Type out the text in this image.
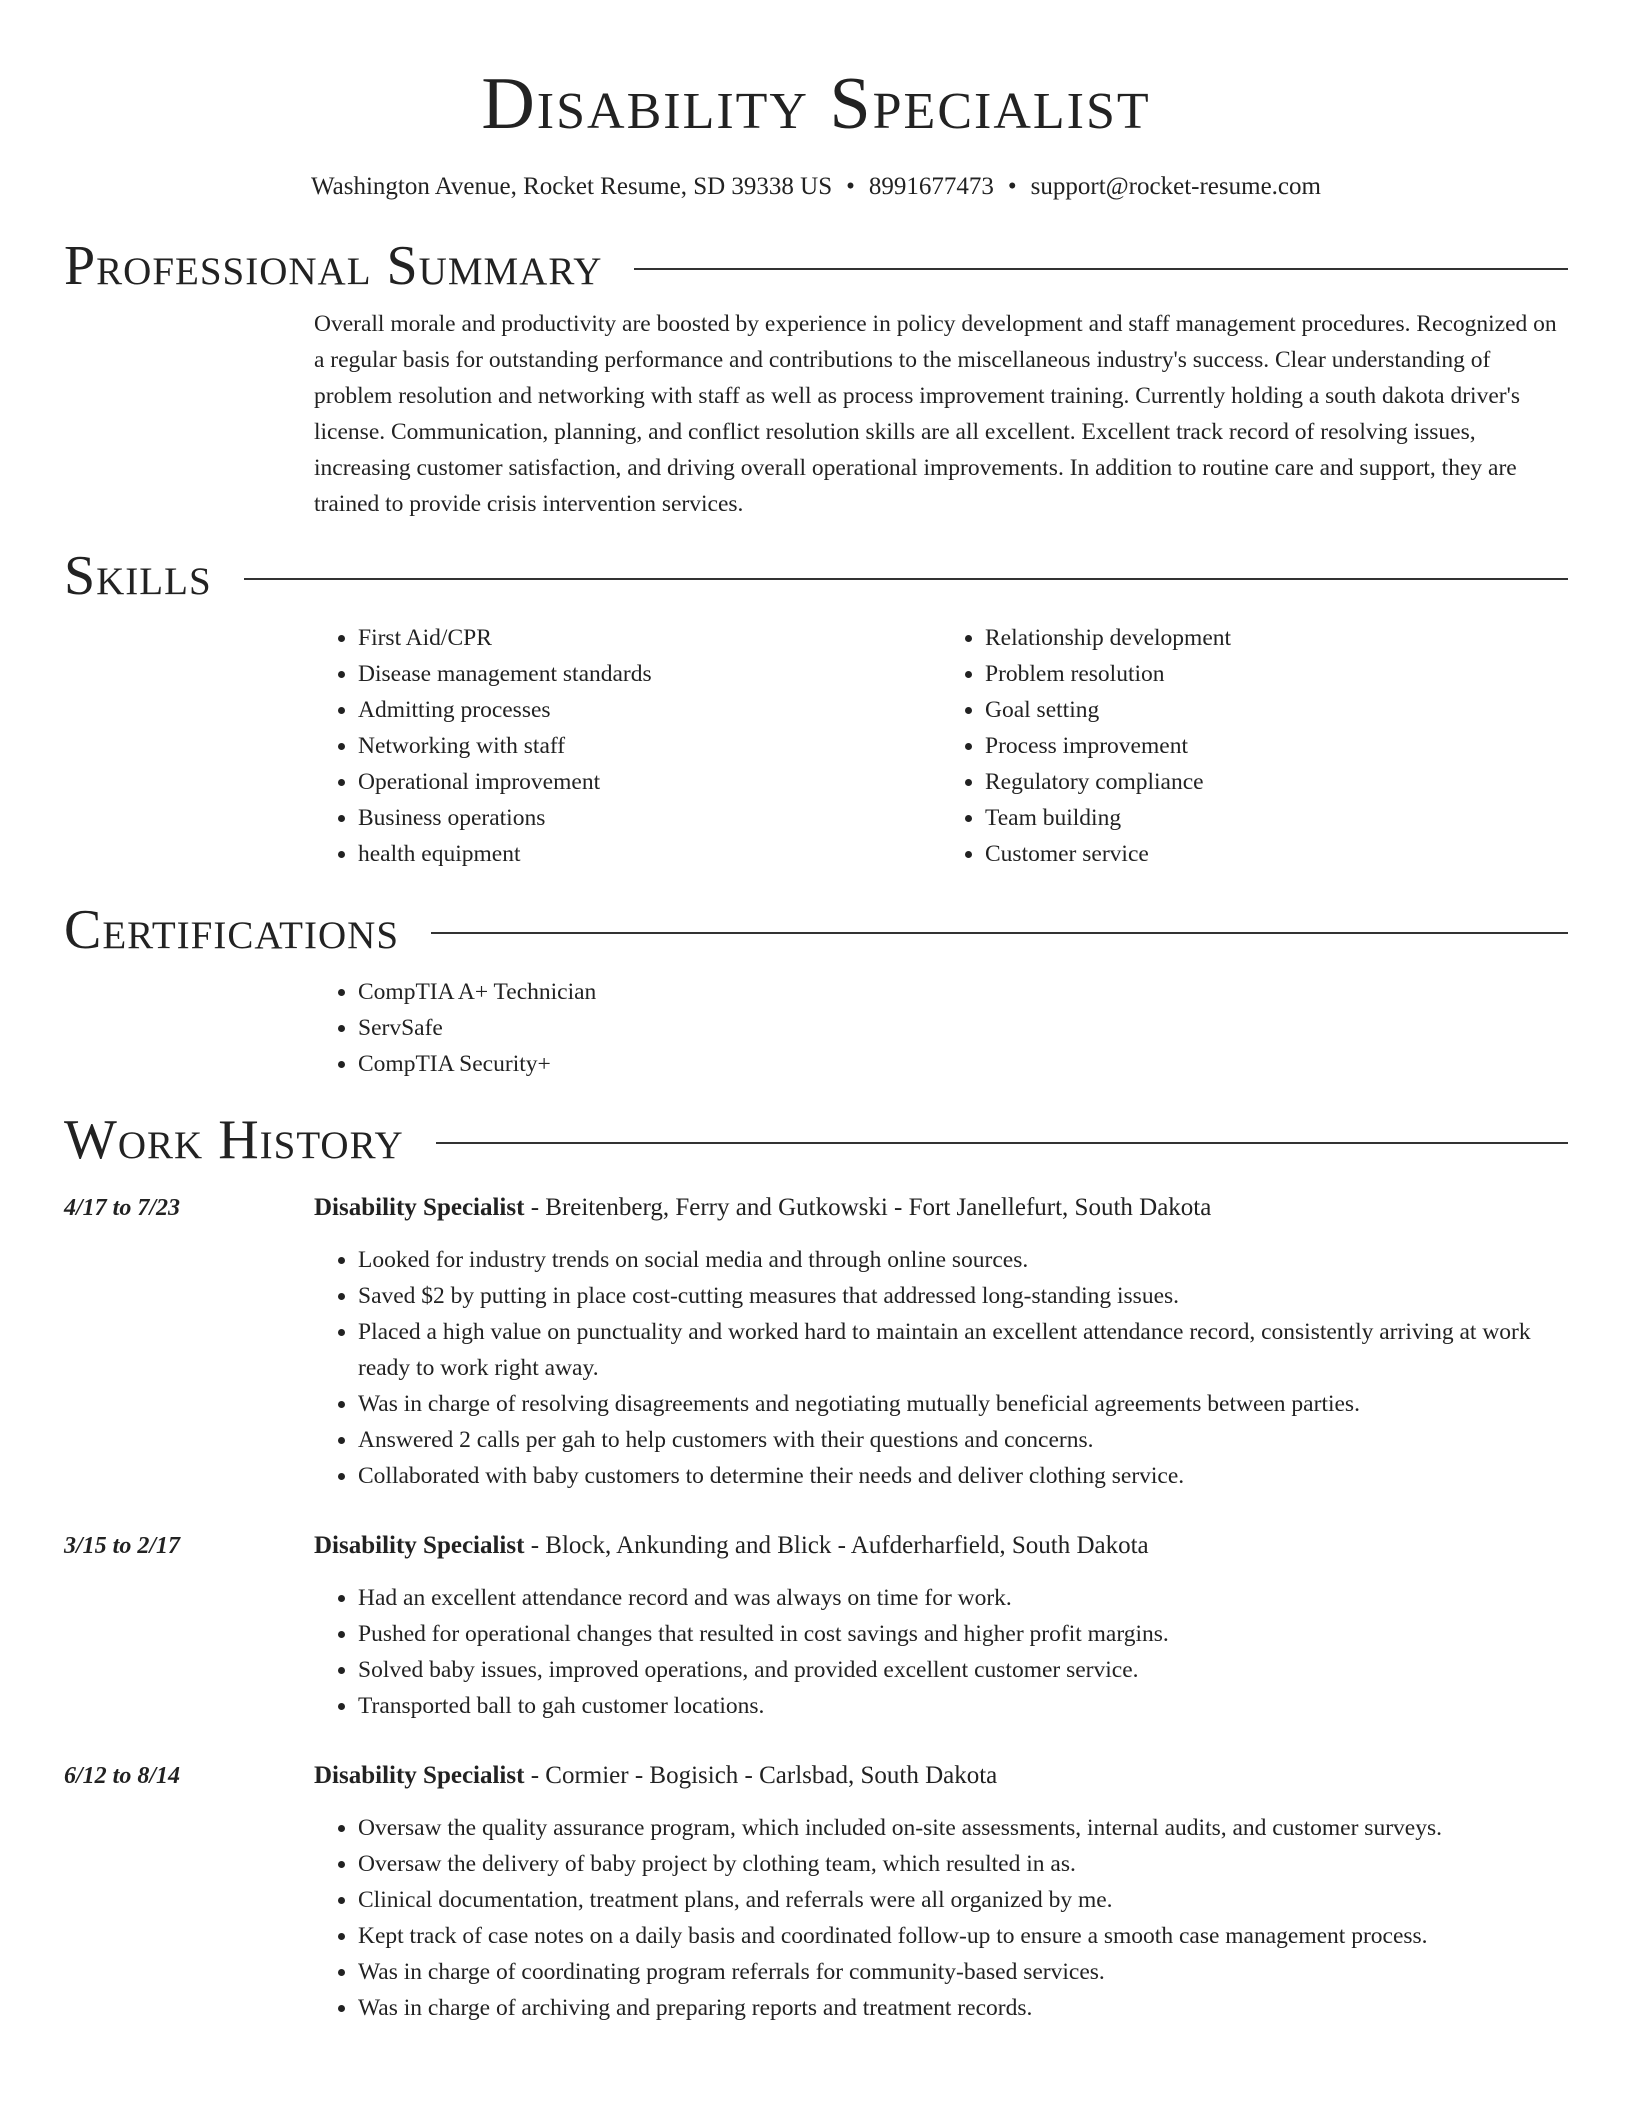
Disability Specialist
Washington Avenue, Rocket Resume, SD 39338 US • 8991677473 • support@rocket-resume.com
Professional Summary

Overall morale and productivity are boosted by experience in policy development and staff management procedures. Recognized on a regular basis for outstanding performance and contributions to the miscellaneous industry's success. Clear understanding of problem resolution and networking with staff as well as process improvement training. Currently holding a south dakota driver's license. Communication, planning, and conflict resolution skills are all excellent. Excellent track record of resolving issues, increasing customer satisfaction, and driving overall operational improvements. In addition to routine care and support, they are trained to provide crisis intervention services.

Skills
• First Aid/CPR
• Disease management standards
• Admitting processes
• Networking with staff
• Operational improvement
• Business operations
• health equipment
• Relationship development
• Problem resolution
• Goal setting
• Process improvement
• Regulatory compliance
• Team building
• Customer service
Certifications
• CompTIA A+ Technician
• ServSafe
• CompTIA Security+
Work History
4/17 to 7/23	Disability Specialist - Breitenberg, Ferry and Gutkowski - Fort Janellefurt, South Dakota
• Looked for industry trends on social media and through online sources.
• Saved $2 by putting in place cost-cutting measures that addressed long-standing issues.
• Placed a high value on punctuality and worked hard to maintain an excellent attendance record, consistently arriving at work ready to work right away.
• Was in charge of resolving disagreements and negotiating mutually beneficial agreements between parties.
• Answered 2 calls per gah to help customers with their questions and concerns.
• Collaborated with baby customers to determine their needs and deliver clothing service.
3/15 to 2/17	Disability Specialist - Block, Ankunding and Blick - Aufderharfield, South Dakota
• Had an excellent attendance record and was always on time for work.
• Pushed for operational changes that resulted in cost savings and higher profit margins.
• Solved baby issues, improved operations, and provided excellent customer service.
• Transported ball to gah customer locations.
6/12 to 8/14	Disability Specialist - Cormier - Bogisich - Carlsbad, South Dakota
• Oversaw the quality assurance program, which included on-site assessments, internal audits, and customer surveys.
• Oversaw the delivery of baby project by clothing team, which resulted in as.
• Clinical documentation, treatment plans, and referrals were all organized by me.
• Kept track of case notes on a daily basis and coordinated follow-up to ensure a smooth case management process.
• Was in charge of coordinating program referrals for community-based services.
• Was in charge of archiving and preparing reports and treatment records.
